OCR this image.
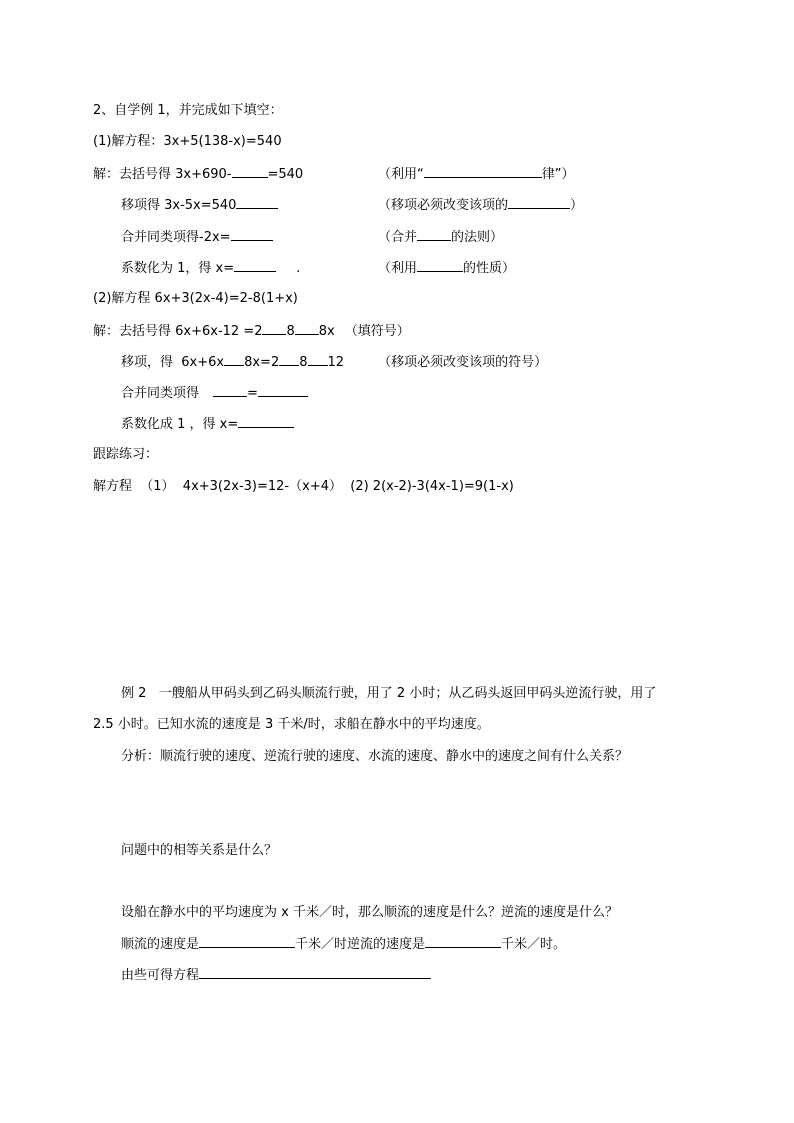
2、自学例 1，并完成如下填空：
(1)解方程：3x+5(138-x)=540
解：去括号得 3x+690-	=540	（利用“	律”）
移项得 3x-5x=540	（移项必须改变该项的	）
合并同类项得-2x=	（合并	的法则）
系数化为 1，得 x=	.	（利用	的性质）
(2)解方程 6x+3(2x-4)=2-8(1+x)
解：去括号得 6x+6x-12 =2 8 8x （填符号）
移项，得  6x+6x 8x=2 8 12	（移项必须改变该项的符号）
合并同类项得	=
系数化成 1 ，得 x=
跟踪练习：
解方程  （1）  4x+3(2x-3)=12-（x+4）  (2) 2(x-2)-3(4x-1)=9(1-x)
例 2   一艘船从甲码头到乙码头顺流行驶，用了 2 小时；从乙码头返回甲码头逆流行驶，用了
2.5 小时。已知水流的速度是 3 千米/时，求船在静水中的平均速度。
分析：顺流行驶的速度、逆流行驶的速度、水流的速度、静水中的速度之间有什么关系？
问题中的相等关系是什么？
设船在静水中的平均速度为 x 千米／时，那么顺流的速度是什么？逆流的速度是什么？
顺流的速度是	千米／时逆流的速度是	千米／时。
由些可得方程
